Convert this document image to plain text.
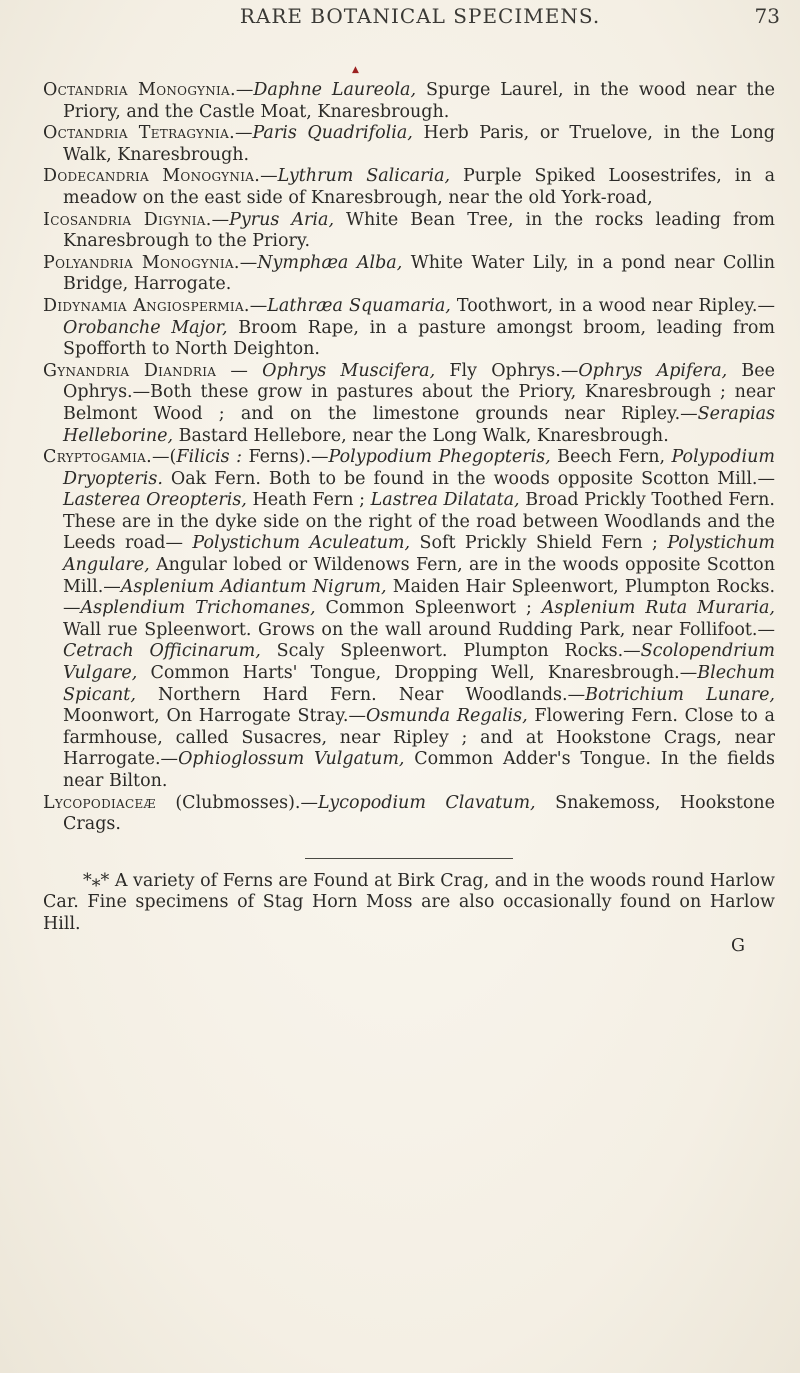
RARE BOTANICAL SPECIMENS.	73
▲

Octandria Monogynia.—Daphne Laureola, Spurge Laurel, in the wood near the Priory, and the Castle Moat, Knaresbrough.

Octandria Tetragynia.—Paris Quadrifolia, Herb Paris, or Truelove, in the Long Walk, Knaresbrough.

Dodecandria Monogynia.—Lythrum Salicaria, Purple Spiked Loosestrifes, in a meadow on the east side of Knaresbrough, near the old York-road,

Icosandria Digynia.—Pyrus Aria, White Bean Tree, in the rocks leading from Knaresbrough to the Priory.

Polyandria Monogynia.—Nymphæa Alba, White Water Lily, in a pond near Collin Bridge, Harrogate.

Didynamia Angiospermia.—Lathræa Squamaria, Toothwort, in a wood near Ripley.—Orobanche Major, Broom Rape, in a pasture amongst broom, leading from Spofforth to North Deighton.

Gynandria Diandria — Ophrys Muscifera, Fly Ophrys.—Ophrys Apifera, Bee Ophrys.—Both these grow in pastures about the Priory, Knaresbrough ; near Belmont Wood ; and on the limestone grounds near Ripley.—Serapias Helleborine, Bastard Hellebore, near the Long Walk, Knaresbrough.

Cryptogamia.—(Filicis : Ferns).—Polypodium Phegopteris, Beech Fern, Polypodium Dryopteris. Oak Fern. Both to be found in the woods opposite Scotton Mill.—Lasterea Oreopteris, Heath Fern ; Lastrea Dilatata, Broad Prickly Toothed Fern. These are in the dyke side on the right of the road between Woodlands and the Leeds road— Polystichum Aculeatum, Soft Prickly Shield Fern ; Polystichum Angulare, Angular lobed or Wildenows Fern, are in the woods opposite Scotton Mill.—Asplenium Adiantum Nigrum, Maiden Hair Spleenwort, Plumpton Rocks.—Asplendium Trichomanes, Common Spleenwort ; Asplenium Ruta Muraria, Wall rue Spleenwort. Grows on the wall around Rudding Park, near Follifoot.—Cetrach Officinarum, Scaly Spleenwort. Plumpton Rocks.—Scolopendrium Vulgare, Common Harts' Tongue, Dropping Well, Knaresbrough.—Blechum Spicant, Northern Hard Fern. Near Woodlands.—Botrichium Lunare, Moonwort, On Harrogate Stray.—Osmunda Regalis, Flowering Fern. Close to a farmhouse, called Susacres, near Ripley ; and at Hookstone Crags, near Harrogate.—Ophioglossum Vulgatum, Common Adder's Tongue. In the fields near Bilton.

Lycopodiaceæ (Clubmosses).—Lycopodium Clavatum, Snakemoss, Hookstone Crags.

*⁎* A variety of Ferns are Found at Birk Crag, and in the woods round Harlow Car. Fine specimens of Stag Horn Moss are also occasionally found on Harlow Hill.

G
